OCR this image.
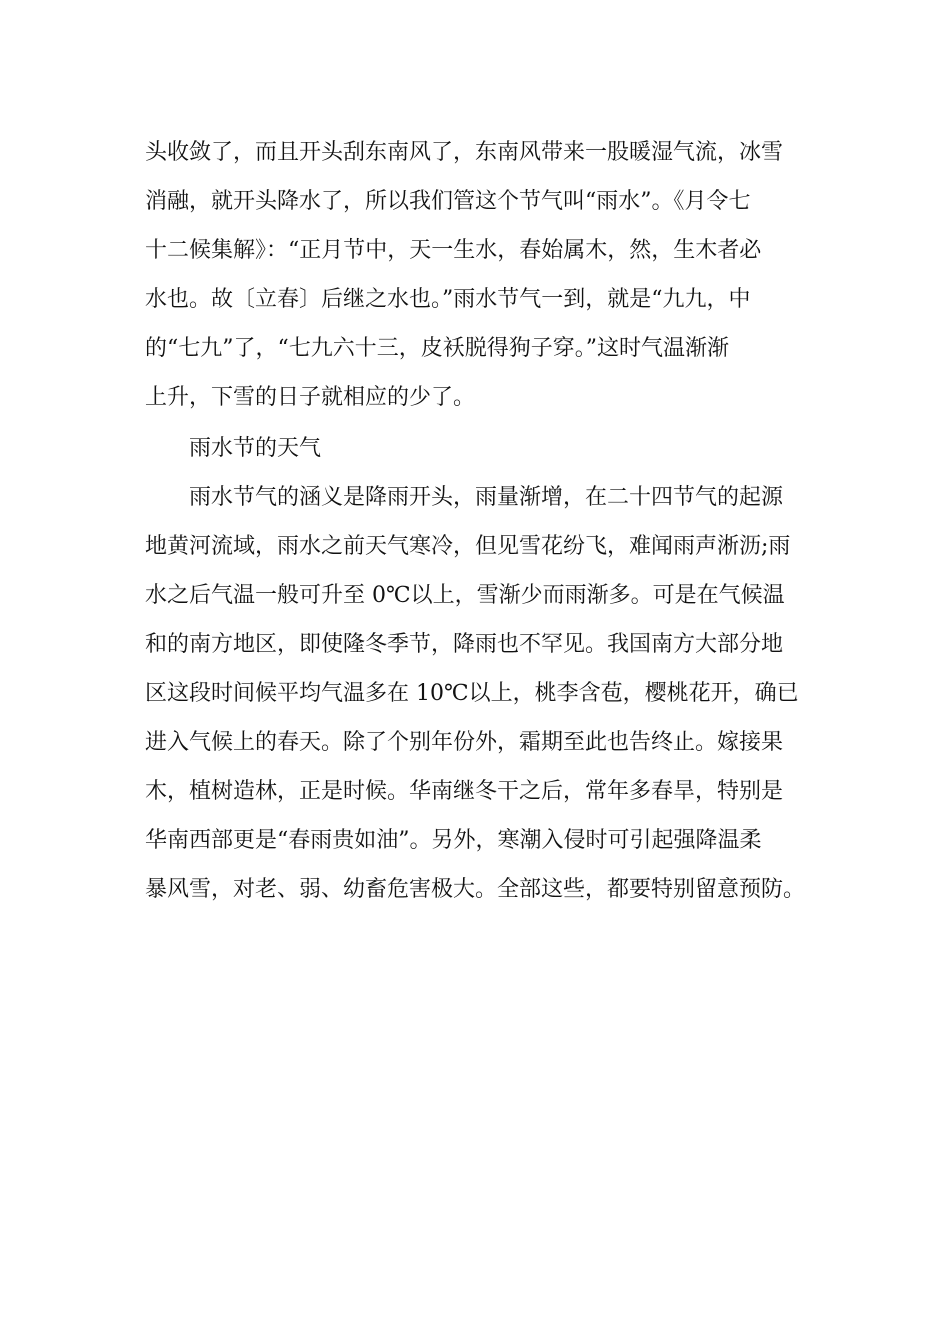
头收敛了，而且开头刮东南风了，东南风带来一股暖湿气流，冰雪
消融，就开头降水了，所以我们管这个节气叫“雨水”。《月令七
十二候集解》：“正月节中，天一生水，春始属木，然，生木者必
水也。故〔立春〕后继之水也。”雨水节气一到，就是“九九，中
的“七九”了，“七九六十三，皮袄脱得狗子穿。”这时气温渐渐
上升，下雪的日子就相应的少了。
雨水节的天气
雨水节气的涵义是降雨开头，雨量渐增，在二十四节气的起源
地黄河流域，雨水之前天气寒冷，但见雪花纷飞，难闻雨声淅沥;雨
水之后气温一般可升至 0℃以上，雪渐少而雨渐多。可是在气候温
和的南方地区，即使隆冬季节，降雨也不罕见。我国南方大部分地
区这段时间候平均气温多在 10℃以上，桃李含苞，樱桃花开，确已
进入气候上的春天。除了个别年份外，霜期至此也告终止。嫁接果
木，植树造林，正是时候。华南继冬干之后，常年多春旱，特别是
华南西部更是“春雨贵如油”。另外，寒潮入侵时可引起强降温柔
暴风雪，对老、弱、幼畜危害极大。全部这些，都要特别留意预防。
